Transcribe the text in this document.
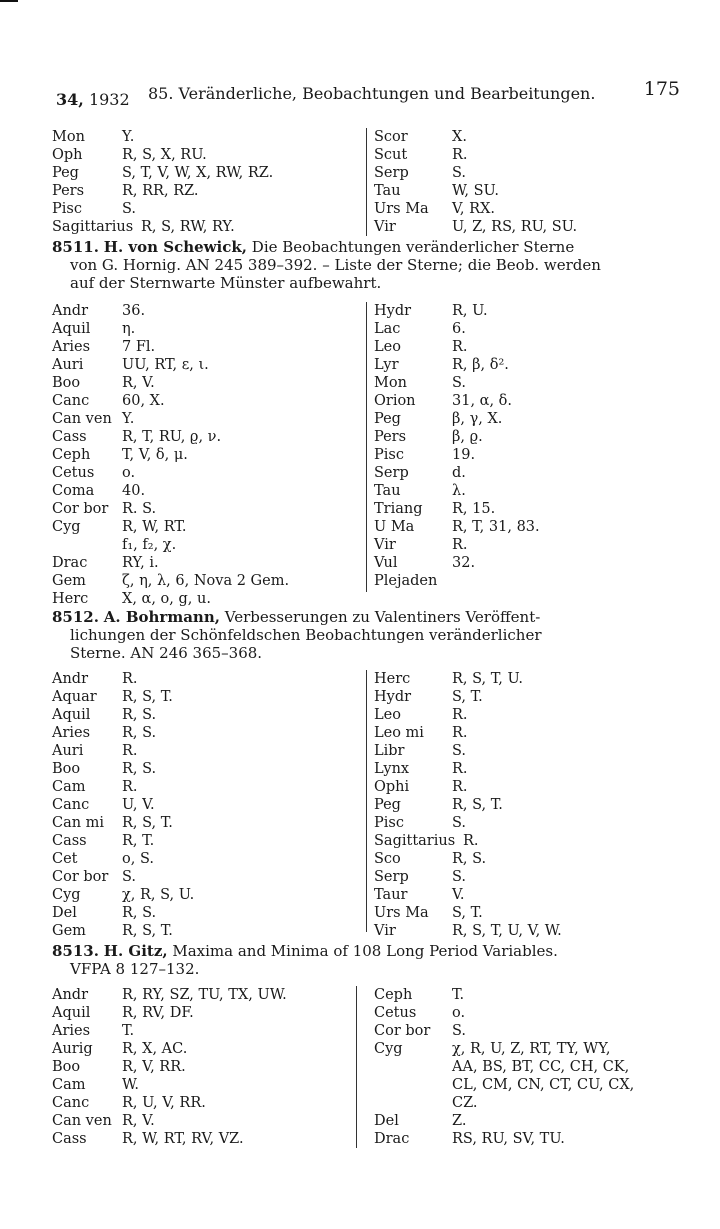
34, 1932 85. Veränderliche, Beobachtungen und Bearbeitungen.	175
Mon	Y.
Oph	R, S, X, RU.
Peg	S, T, V, W, X, RW, RZ.
Pers	R, RR, RZ.
Pisc	S.
Sagittarius R, S, RW, RY.
Scor	X.
Scut	R.
Serp	S.
Tau	W, SU.
Urs Ma V, RX.
Vir	U, Z, RS, RU, SU.
8511. H. von Schewick, Die Beobachtungen veränderlicher Sterne
von G. Hornig. AN 245 389–392. – Liste der Sterne; die Beob. werden
auf der Sternwarte Münster aufbewahrt.
Andr 36.
Aquil η.
Aries 7 Fl.
Auri	UU, RT, ε, ι.
Boo	R, V.
Canc 60, X.
Can ven Y.
Cass R, T, RU, ϱ, ν.
Ceph T, V, δ, μ.
Cetus o.
Coma 40.
Cor bor R. S.
Cyg	R, W, RT.
f₁, f₂, χ.
Drac RY, i.
Gem ζ, η, λ, 6, Nova 2 Gem.
Herc X, α, o, g, u.
Hydr	R, U.
Lac	6.
Leo	R.
Lyr	R, β, δ².
Mon	S.
Orion	31, α, δ.
Peg	β, γ, X.
Pers	β, ϱ.
Pisc	19.
Serp	d.
Tau	λ.
Triang R, 15.
U Ma	R, T, 31, 83.
Vir	R.
Vul	32.
Plejaden
8512. A. Bohrmann, Verbesserungen zu Valentiners Veröffent-
lichungen der Schönfeldschen Beobachtungen veränderlicher
Sterne. AN 246 365–368.
Andr R.
Aquar R, S, T.
Aquil R, S.
Aries R, S.
Auri	R.
Boo	R, S.
Cam	R.
Canc U, V.
Can mi R, S, T.
Cass R, T.
Cet	o, S.
Cor bor S.
Cyg	χ, R, S, U.
Del	R, S.
Gem R, S, T.
Herc	R, S, T, U.
Hydr	S, T.
Leo	R.
Leo mi R.
Libr	S.
Lynx	R.
Ophi	R.
Peg	R, S, T.
Pisc	S.
Sagittarius R.
Sco	R, S.
Serp	S.
Taur	V.
Urs Ma S, T.
Vir	R, S, T, U, V, W.
8513. H. Gitz, Maxima and Minima of 108 Long Period Variables.
VFPA 8 127–132.
Andr R, RY, SZ, TU, TX, UW.
Aquil R, RV, DF.
Aries T.
Aurig R, X, AC.
Boo	R, V, RR.
Cam	W.
Canc R, U, V, RR.
Can ven R, V.
Cass R, W, RT, RV, VZ.
Ceph	T.
Cetus o.
Cor bor S.
Cyg	χ, R, U, Z, RT, TY, WY,
AA, BS, BT, CC, CH, CK,
CL, CM, CN, CT, CU, CX,
CZ.
Del	Z.
Drac	RS, RU, SV, TU.
